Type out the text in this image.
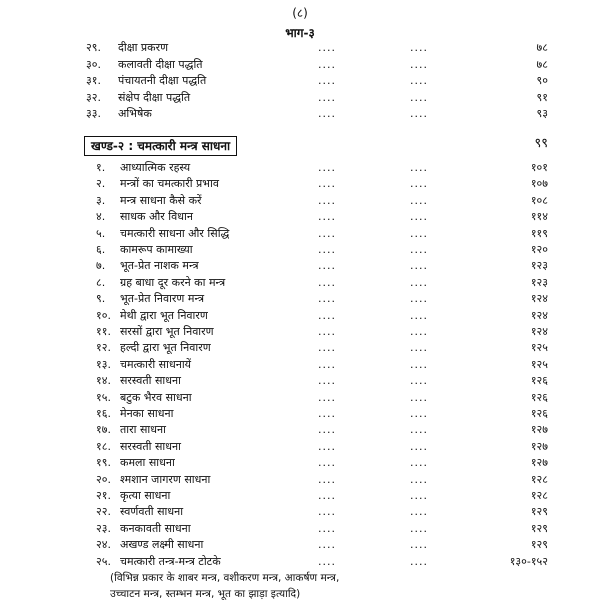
(८)
भाग-३
२९. दीक्षा प्रकरण	....	....	७८
३०. कलावती दीक्षा पद्धति	....	....	७८
३१. पंचायतनी दीक्षा पद्धति	....	....	९०
३२. संक्षेप दीक्षा पद्धति	....	....	९१
३३. अभिषेक	....	....	९३
खण्ड-२ : चमत्कारी मन्त्र साधना	९९
१. आध्यात्मिक रहस्य	....	....	१०१
२. मन्त्रों का चमत्कारी प्रभाव	....	....	१०७
३. मन्त्र साधना कैसे करें	....	....	१०८
४. साधक और विधान	....	....	११४
५. चमत्कारी साधना और सिद्धि	....	....	११९
६. कामरूप कामाख्या	....	....	१२०
७. भूत-प्रेत नाशक मन्त्र	....	....	१२३
८. ग्रह बाधा दूर करने का मन्त्र	....	....	१२३
९. भूत-प्रेत निवारण मन्त्र	....	....	१२४
१०. मेथी द्वारा भूत निवारण	....	....	१२४
११. सरसों द्वारा भूत निवारण	....	....	१२४
१२. हल्दी द्वारा भूत निवारण	....	....	१२५
१३. चमत्कारी साधनायें	....	....	१२५
१४. सरस्वती साधना	....	....	१२६
१५. बटुक भैरव साधना	....	....	१२६
१६. मेनका साधना	....	....	१२६
१७. तारा साधना	....	....	१२७
१८. सरस्वती साधना	....	....	१२७
१९. कमला साधना	....	....	१२७
२०. श्मशान जागरण साधना	....	....	१२८
२१. कृत्या साधना	....	....	१२८
२२. स्वर्णवती साधना	....	....	१२९
२३. कनकावती साधना	....	....	१२९
२४. अखण्ड लक्ष्मी साधना	....	....	१२९
२५. चमत्कारी तन्त्र-मन्त्र टोटके	....	....	१३०-१५२
(विभिन्न प्रकार के शाबर मन्त्र, वशीकरण मन्त्र, आकर्षण मन्त्र,
उच्चाटन मन्त्र, स्तम्भन मन्त्र, भूत का झाड़ा इत्यादि)
